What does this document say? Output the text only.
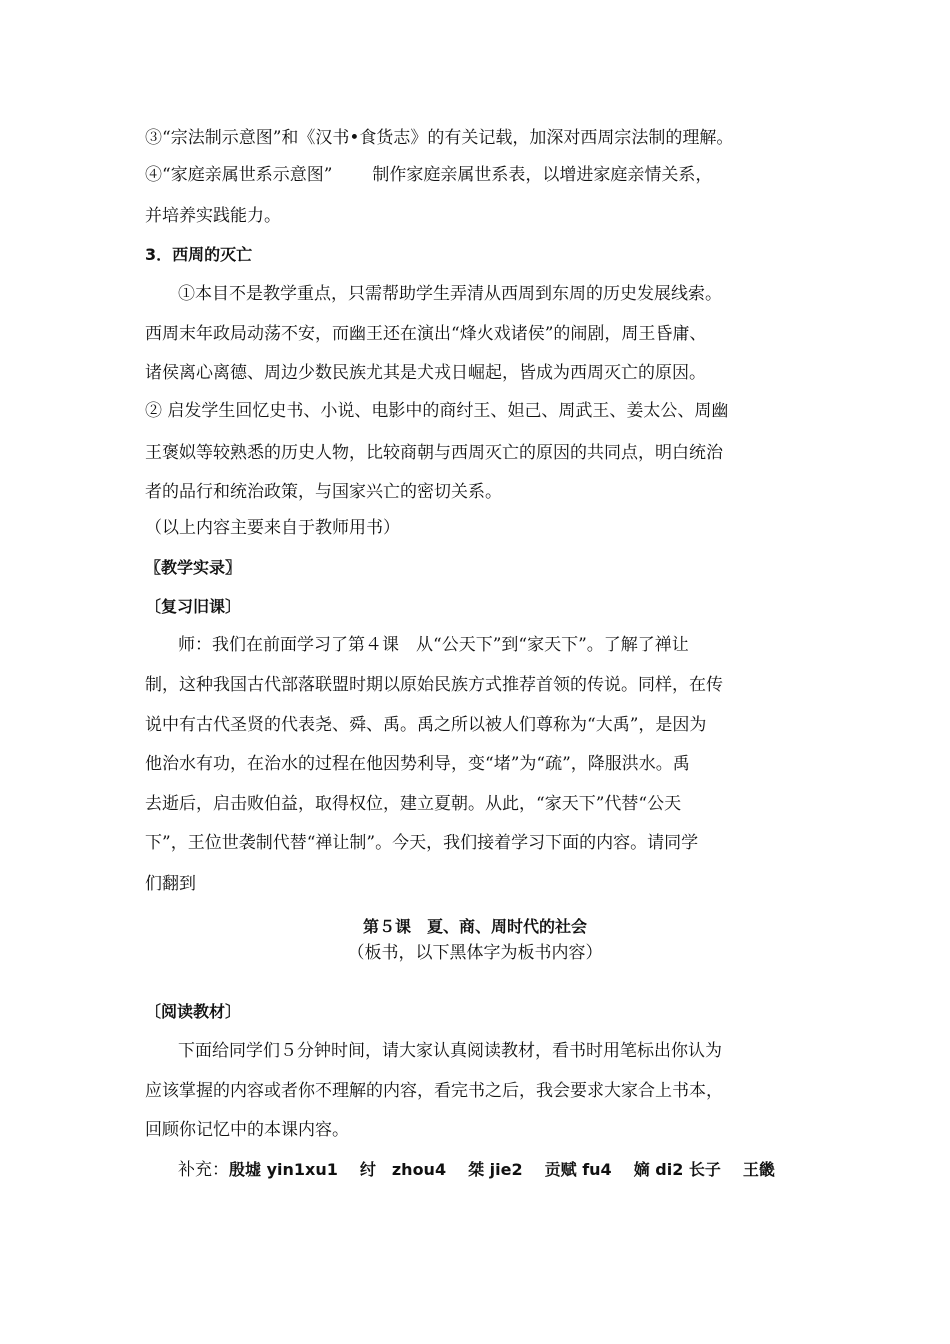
③“宗法制示意图”和《汉书•食货志》的有关记载，加深对西周宗法制的理解。
④“家庭亲属世系示意图” 制作家庭亲属世系表，以增进家庭亲情关系，
并培养实践能力。
3．西周的灭亡
①本目不是教学重点，只需帮助学生弄清从西周到东周的历史发展线索。
西周末年政局动荡不安，而幽王还在演出“烽火戏诸侯”的闹剧，周王昏庸、
诸侯离心离德、周边少数民族尤其是犬戎日崛起，皆成为西周灭亡的原因。
② 启发学生回忆史书、小说、电影中的商纣王、妲己、周武王、姜太公、周幽
王褒姒等较熟悉的历史人物，比较商朝与西周灭亡的原因的共同点，明白统治
者的品行和统治政策，与国家兴亡的密切关系。
（以上内容主要来自于教师用书）
〖教学实录〗
〔复习旧课〕
师：我们在前面学习了第４课　从“公天下”到“家天下”。了解了禅让
制，这种我国古代部落联盟时期以原始民族方式推荐首领的传说。同样，在传
说中有古代圣贤的代表尧、舜、禹。禹之所以被人们尊称为“大禹”，是因为
他治水有功，在治水的过程在他因势利导，变“堵”为“疏”，降服洪水。禹
去逝后，启击败伯益，取得权位，建立夏朝。从此，“家天下”代替“公天
下”，王位世袭制代替“禅让制”。今天，我们接着学习下面的内容。请同学
们翻到
第５课　夏、商、周时代的社会
（板书，以下黑体字为板书内容）
〔阅读教材〕
下面给同学们５分钟时间，请大家认真阅读教材，看书时用笔标出你认为
应该掌握的内容或者你不理解的内容，看完书之后，我会要求大家合上书本，
回顾你记忆中的本课内容。
补充：殷墟 yin1xu1 纣　zhou4 桀 jie2 贡赋 fu4 嫡 di2 长子 王畿
